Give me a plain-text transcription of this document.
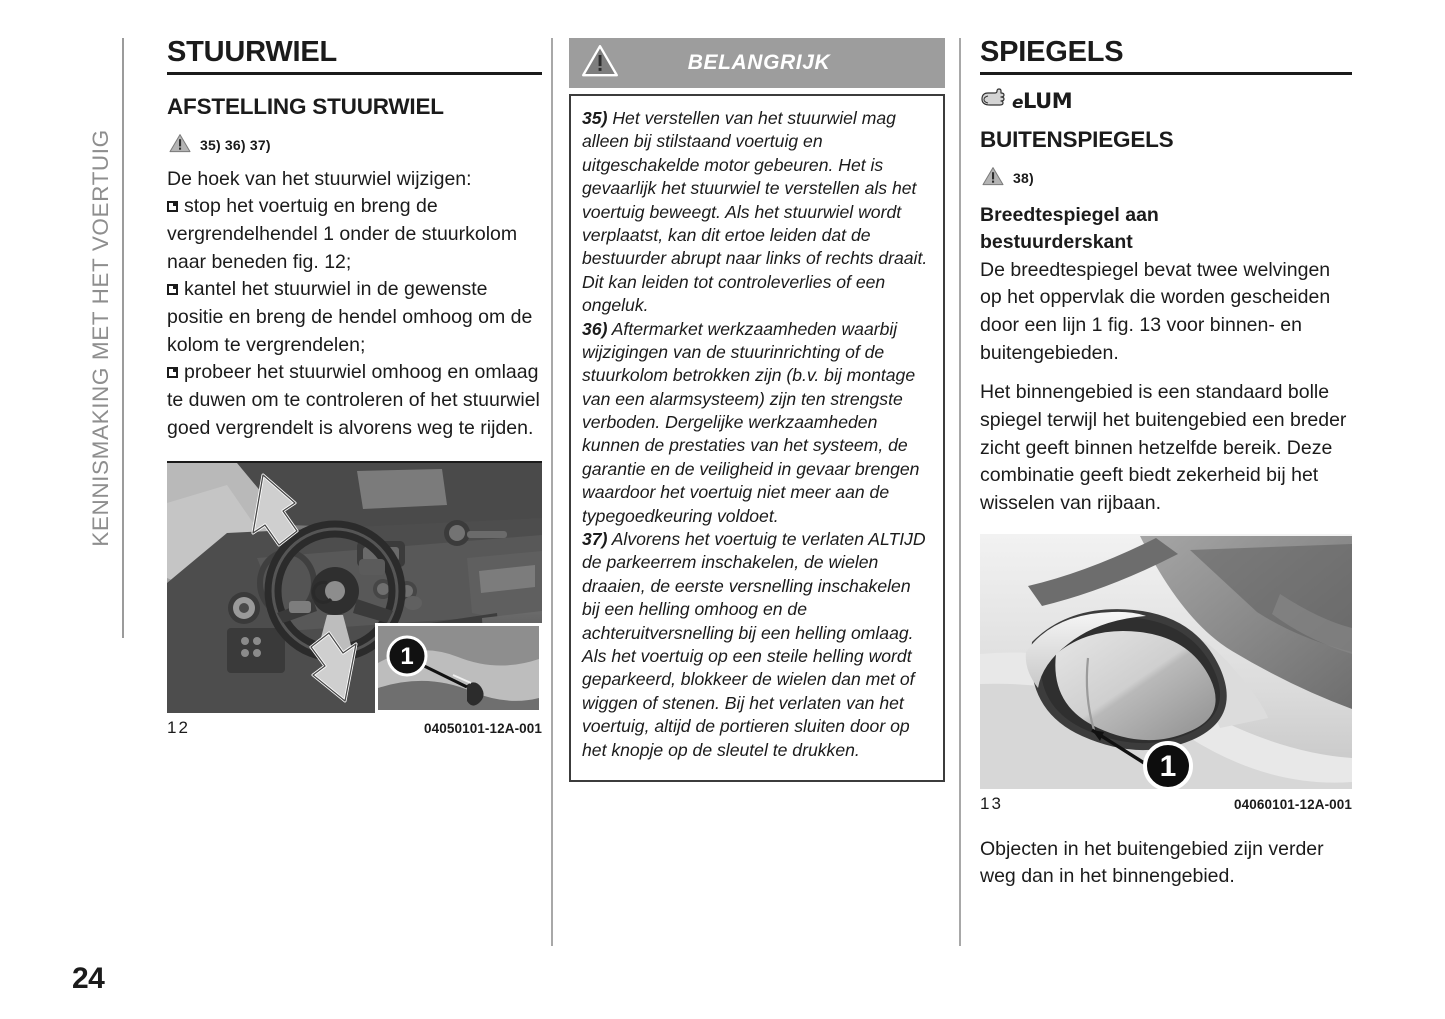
KENNISMAKING MET HET VOERTUIG
STUURWIEL
AFSTELLING STUURWIEL
35) 36) 37)

De hoek van het stuurwiel wijzigen:

stop het voertuig en breng de vergrendelhendel 1 onder de stuurkolom naar beneden fig. 12;
kantel het stuurwiel in de gewenste positie en breng de hendel omhoog om de kolom te vergrendelen;
probeer het stuurwiel omhoog en omlaag te duwen om te controleren of het stuurwiel goed vergrendelt is alvorens weg te rijden.
1
12	04050101-12A-001
BELANGRIJK

35) Het verstellen van het stuurwiel mag alleen bij stilstaand voertuig en uitgeschakelde motor gebeuren. Het is gevaarlijk het stuurwiel te verstellen als het voertuig beweegt. Als het stuurwiel wordt verplaatst, kan dit ertoe leiden dat de bestuurder abrupt naar links of rechts draait. Dit kan leiden tot controleverlies of een ongeluk.

36) Aftermarket werkzaamheden waarbij wijzigingen van de stuurinrichting of de stuurkolom betrokken zijn (b.v. bij montage van een alarmsysteem) zijn ten strengste verboden. Dergelijke werkzaamheden kunnen de prestaties van het systeem, de garantie en de veiligheid in gevaar brengen waardoor het voertuig niet meer aan de typegoedkeuring voldoet.

37) Alvorens het voertuig te verlaten ALTIJD de parkeerrem inschakelen, de wielen draaien, de eerste versnelling inschakelen bij een helling omhoog en de achteruitversnelling bij een helling omlaag. Als het voertuig op een steile helling wordt geparkeerd, blokkeer de wielen dan met of wiggen of stenen. Bij het verlaten van het voertuig, altijd de portieren sluiten door op het knopje op de sleutel te drukken.

SPIEGELS
eLUM
BUITENSPIEGELS
38)
Breedtespiegel aan
bestuurderskant

De breedtespiegel bevat twee welvingen op het oppervlak die worden gescheiden door een lijn 1 fig. 13 voor binnen- en buitengebieden.

Het binnengebied is een standaard bolle spiegel terwijl het buitengebied een breder zicht geeft binnen hetzelfde bereik. Deze combinatie geeft biedt zekerheid bij het wisselen van rijbaan.

1
13	04060101-12A-001

Objecten in het buitengebied zijn verder weg dan in het binnengebied.

24
